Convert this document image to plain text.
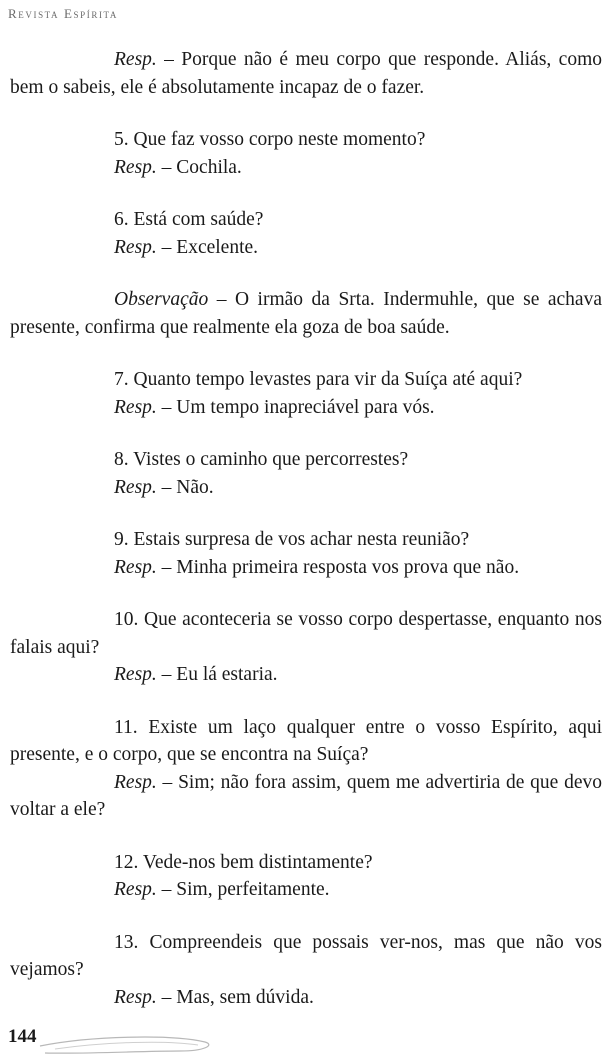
Revista Espírita

Resp. – Porque não é meu corpo que responde. Aliás, como bem o sabeis, ele é absolutamente incapaz de o fazer.

5. Que faz vosso corpo neste momento?

Resp. – Cochila.

6. Está com saúde?

Resp. – Excelente.

Observação – O irmão da Srta. Indermuhle, que se achava presente, confirma que realmente ela goza de boa saúde.

7. Quanto tempo levastes para vir da Suíça até aqui?

Resp. – Um tempo inapreciável para vós.

8. Vistes o caminho que percorrestes?

Resp. – Não.

9. Estais surpresa de vos achar nesta reunião?

Resp. – Minha primeira resposta vos prova que não.

10. Que aconteceria se vosso corpo despertasse, enquanto nos falais aqui?

Resp. – Eu lá estaria.

11. Existe um laço qualquer entre o vosso Espírito, aqui presente, e o corpo, que se encontra na Suíça?

Resp. – Sim; não fora assim, quem me advertiria de que devo voltar a ele?

12. Vede-nos bem distintamente?

Resp. – Sim, perfeitamente.

13. Compreendeis que possais ver-nos, mas que não vos vejamos?

Resp. – Mas, sem dúvida.

144
